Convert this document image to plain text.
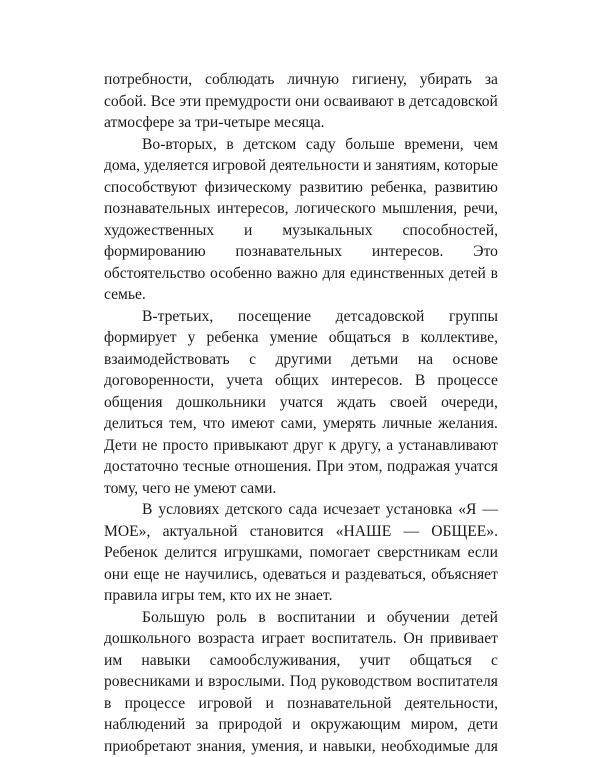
потребности, соблюдать личную гигиену, убирать за
собой. Все эти премудрости они осваивают в детсадовской
атмосфере за три-четыре месяца.
Во-вторых, в детском саду больше времени, чем
дома, уделяется игровой деятельности и занятиям, которые
способствуют физическому развитию ребенка, развитию
познавательных интересов, логического мышления, речи,
художественных и музыкальных способностей,
формированию познавательных интересов. Это
обстоятельство особенно важно для единственных детей в
семье.
В-третьих, посещение детсадовской группы
формирует у ребенка умение общаться в коллективе,
взаимодействовать с другими детьми на основе
договоренности, учета общих интересов. В процессе
общения дошкольники учатся ждать своей очереди,
делиться тем, что имеют сами, умерять личные желания.
Дети не просто привыкают друг к другу, а устанавливают
достаточно тесные отношения. При этом, подражая учатся
тому, чего не умеют сами.
В условиях детского сада исчезает установка «Я —
МОЕ», актуальной становится «НАШЕ — ОБЩЕЕ».
Ребенок делится игрушками, помогает сверстникам если
они еще не научились, одеваться и раздеваться, объясняет
правила игры тем, кто их не знает.
Большую роль в воспитании и обучении детей
дошкольного возраста играет воспитатель. Он прививает
им навыки самообслуживания, учит общаться с
ровесниками и взрослыми. Под руководством воспитателя
в процессе игровой и познавательной деятельности,
наблюдений за природой и окружающим миром, дети
приобретают знания, умения, и навыки, необходимые для
